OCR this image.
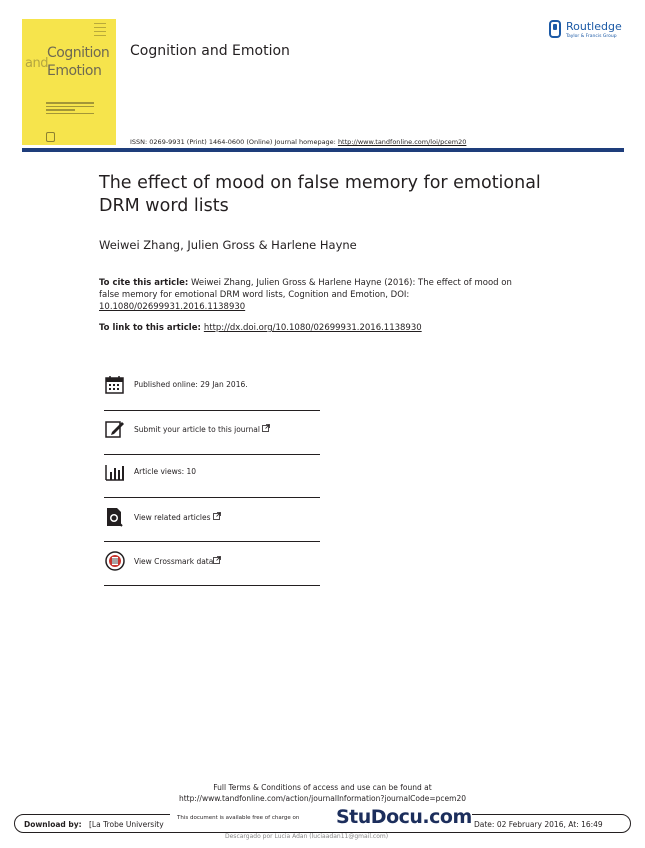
and
Cognition
Emotion
Cognition and Emotion
Routledge
Taylor & Francis Group
ISSN: 0269-9931 (Print) 1464-0600 (Online) Journal homepage: http://www.tandfonline.com/loi/pcem20
The effect of mood on false memory for emotional DRM word lists
Weiwei Zhang, Julien Gross & Harlene Hayne
To cite this article: Weiwei Zhang, Julien Gross & Harlene Hayne (2016): The effect of mood on false memory for emotional DRM word lists, Cognition and Emotion, DOI: 10.1080/02699931.2016.1138930
To link to this article: http://dx.doi.org/10.1080/02699931.2016.1138930
Published online: 29 Jan 2016.
Submit your article to this journal
Article views: 10
View related articles
View Crossmark data
Full Terms & Conditions of access and use can be found at
http://www.tandfonline.com/action/journalInformation?journalCode=pcem20
Download by: [La Trobe University	Date: 02 February 2016, At: 16:49
This document is available free of charge on StuDocu.com
Descargado por Lucia Adan (luciaadan11@gmail.com)
